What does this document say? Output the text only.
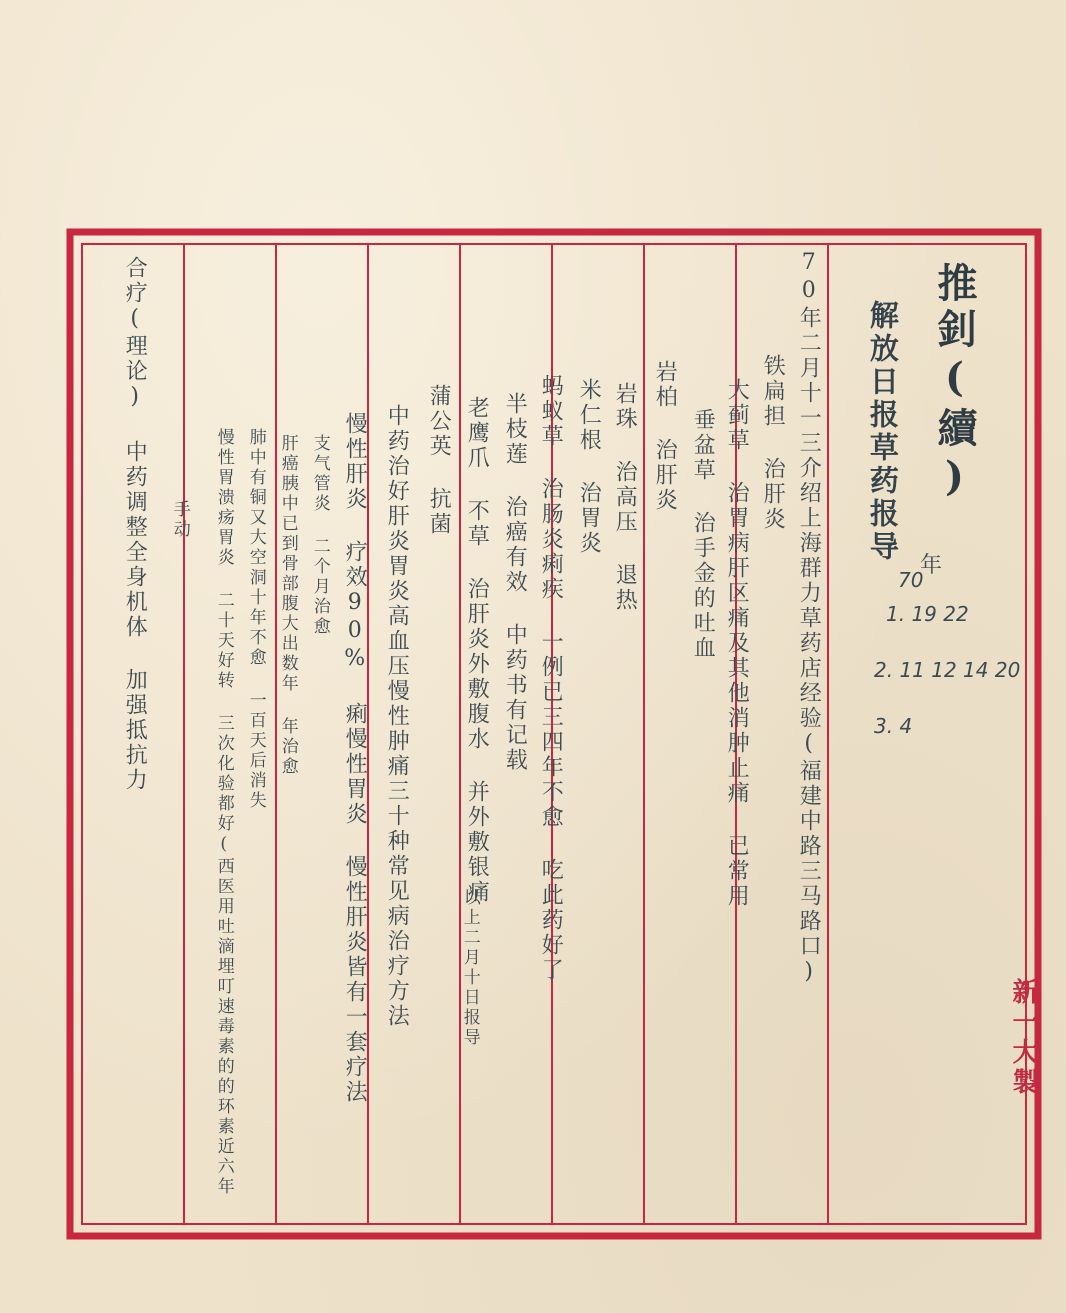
推釗(續)
解放日报草药报导
70
年
1. 19 22
2. 11 12 14 20
3. 4
70年二月十一三介绍上海群力草药店经验(福建中路三马路口)
铁扁担 治肝炎
大蓟草 治胃病肝区痛及其他消肿止痛 已常用
垂盆草 治手金的吐血
岩柏 治肝炎
岩珠 治高压 退热
米仁根 治胃炎
蚂蚁草 治肠炎痢疾 一例已三四年不愈 吃此药好了
半枝莲 治癌有效 中药书有记载
老鹰爪 不草 治肝炎外敷腹水 并外敷银痛
蒲公英 抗菌
以上二月十日报导
中药治好肝炎胃炎高血压慢性肿痛三十种常见病治疗方法
慢性肝炎 疗效90% 痢慢性胃炎 慢性肝炎皆有一套疗法
支气管炎 二个月治愈
肝癌胰中已到骨部腹大出数年 年治愈
肺中有铜又大空洞十年不愈 一百天后消失
慢性胃溃疡胃炎 二十天好转 三次化验都好(西医用吐滴埋叮速毒素的的环素近六年
合疗(理论) 中药调整全身机体 加强抵抗力 手动
新一大製
